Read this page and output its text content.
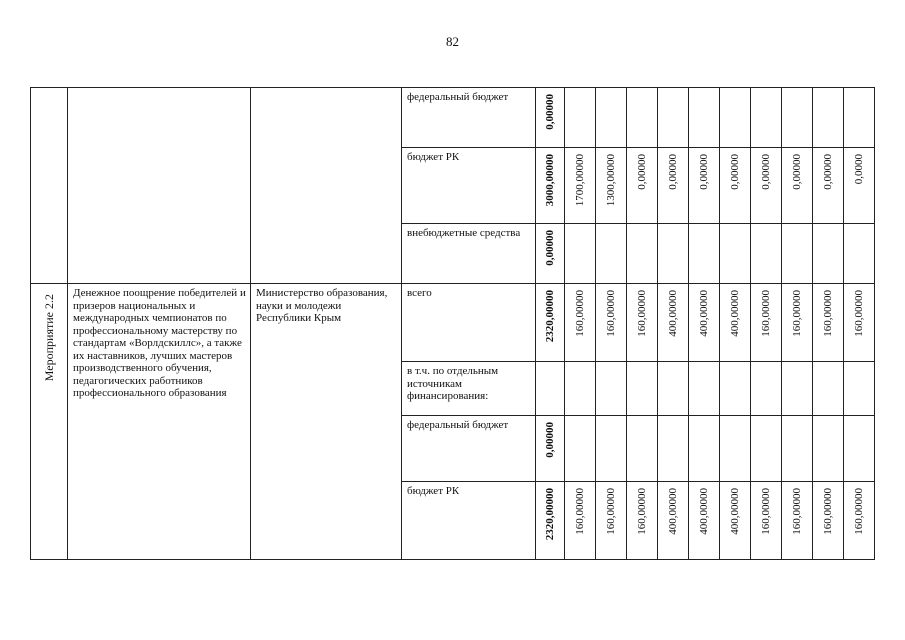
82
			федеральный бюджет	0,00000										

			бюджет РК	3000,00000	1700,00000	1300,00000	0,00000	0,00000	0,00000	0,00000	0,00000	0,00000	0,00000	0,0000

			внебюджетные средства	0,00000										

Мероприятие 2.2	Денежное поощрение победителей и призеров национальных и международных чемпионатов по профессиональному мастерству по стандартам «Ворлдскиллс», а также их наставников, лучших мастеров производственного обучения, педагогических работников профессионального образования	Министерство образования, науки и молодежи Республики Крым	всего	2320,00000	160,00000	160,00000	160,00000	400,00000	400,00000	400,00000	160,00000	160,00000	160,00000	160,00000

			в т.ч. по отдельным источникам финансирования:	

			федеральный бюджет	0,00000										

			бюджет РК	2320,00000	160,00000	160,00000	160,00000	400,00000	400,00000	400,00000	160,00000	160,00000	160,00000	160,00000
